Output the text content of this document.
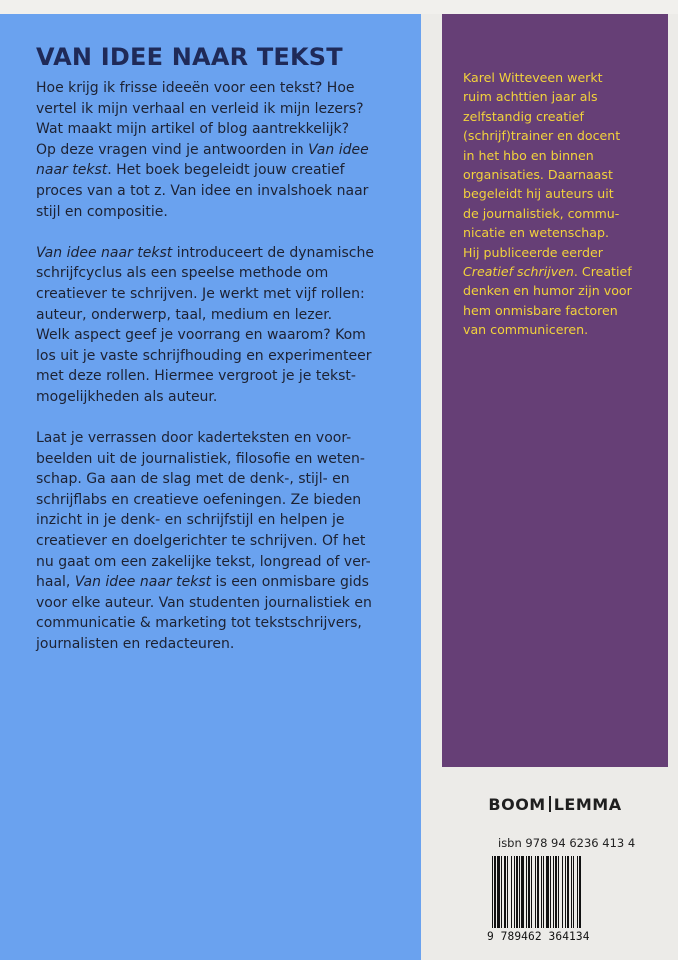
VAN IDEE NAAR TEKST

Hoe krijg ik frisse ideeën voor een tekst? Hoe
vertel ik mijn verhaal en verleid ik mijn lezers?
Wat maakt mijn artikel of blog aantrekkelijk?
Op deze vragen vind je antwoorden in Van idee
naar tekst. Het boek begeleidt jouw creatief
proces van a tot z. Van idee en invalshoek naar
stijl en compositie.

Van idee naar tekst introduceert de dynamische
schrijfcyclus als een speelse methode om
creatiever te schrijven. Je werkt met vijf rollen:
auteur, onderwerp, taal, medium en lezer.
Welk aspect geef je voorrang en waarom? Kom
los uit je vaste schrijfhouding en experimenteer
met deze rollen. Hiermee vergroot je je tekst-
mogelijkheden als auteur.

Laat je verrassen door kaderteksten en voor-
beelden uit de journalistiek, filosofie en weten-
schap. Ga aan de slag met de denk-, stijl- en
schrijflabs en creatieve oefeningen. Ze bieden
inzicht in je denk- en schrijfstijl en helpen je
creatiever en doelgerichter te schrijven. Of het
nu gaat om een zakelijke tekst, longread of ver-
haal, Van idee naar tekst is een onmisbare gids
voor elke auteur. Van studenten journalistiek en
communicatie & marketing tot tekstschrijvers,
journalisten en redacteuren.

Karel Witteveen werkt
ruim achttien jaar als
zelfstandig creatief
(schrijf)trainer en docent
in het hbo en binnen
organisaties. Daarnaast
begeleidt hij auteurs uit
de journalistiek, commu-
nicatie en wetenschap.
Hij publiceerde eerder
Creatief schrijven. Creatief
denken en humor zijn voor
hem onmisbare factoren
van communiceren.

BOOM LEMMA
isbn 978 94 6236 413 4
9 789462 364134
